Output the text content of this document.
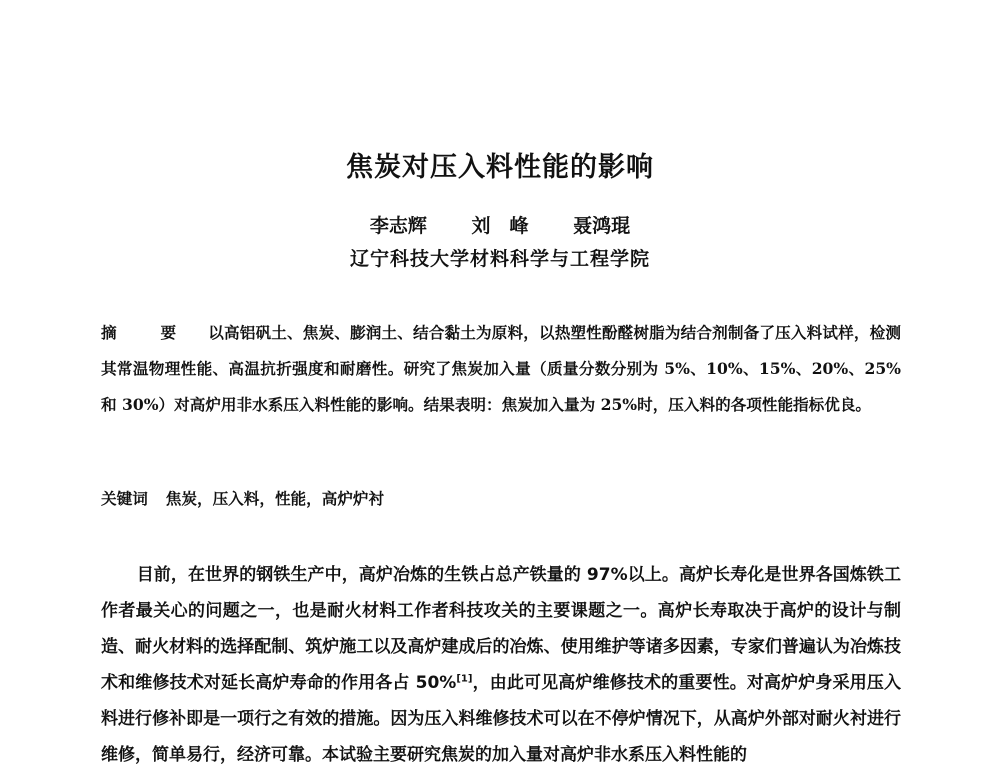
焦炭对压入料性能的影响
李志辉 刘　峰 聂鸿琨
辽宁科技大学材料科学与工程学院
摘　要 以高铝矾土、焦炭、膨润土、结合黏土为原料，以热塑性酚醛树脂为结合剂制备了压入料试样，检测其常温物理性能、高温抗折强度和耐磨性。研究了焦炭加入量（质量分数分别为 5%、10%、15%、20%、25%和 30%）对高炉用非水系压入料性能的影响。结果表明：焦炭加入量为 25%时，压入料的各项性能指标优良。
关键词 焦炭，压入料，性能，高炉炉衬

目前，在世界的钢铁生产中，高炉冶炼的生铁占总产铁量的 97%以上。高炉长寿化是世界各国炼铁工作者最关心的问题之一，也是耐火材料工作者科技攻关的主要课题之一。高炉长寿取决于高炉的设计与制造、耐火材料的选择配制、筑炉施工以及高炉建成后的冶炼、使用维护等诸多因素，专家们普遍认为冶炼技术和维修技术对延长高炉寿命的作用各占 50%[1]，由此可见高炉维修技术的重要性。对高炉炉身采用压入料进行修补即是一项行之有效的措施。因为压入料维修技术可以在不停炉情况下，从高炉外部对耐火衬进行维修，简单易行，经济可靠。本试验主要研究焦炭的加入量对高炉非水系压入料性能的
